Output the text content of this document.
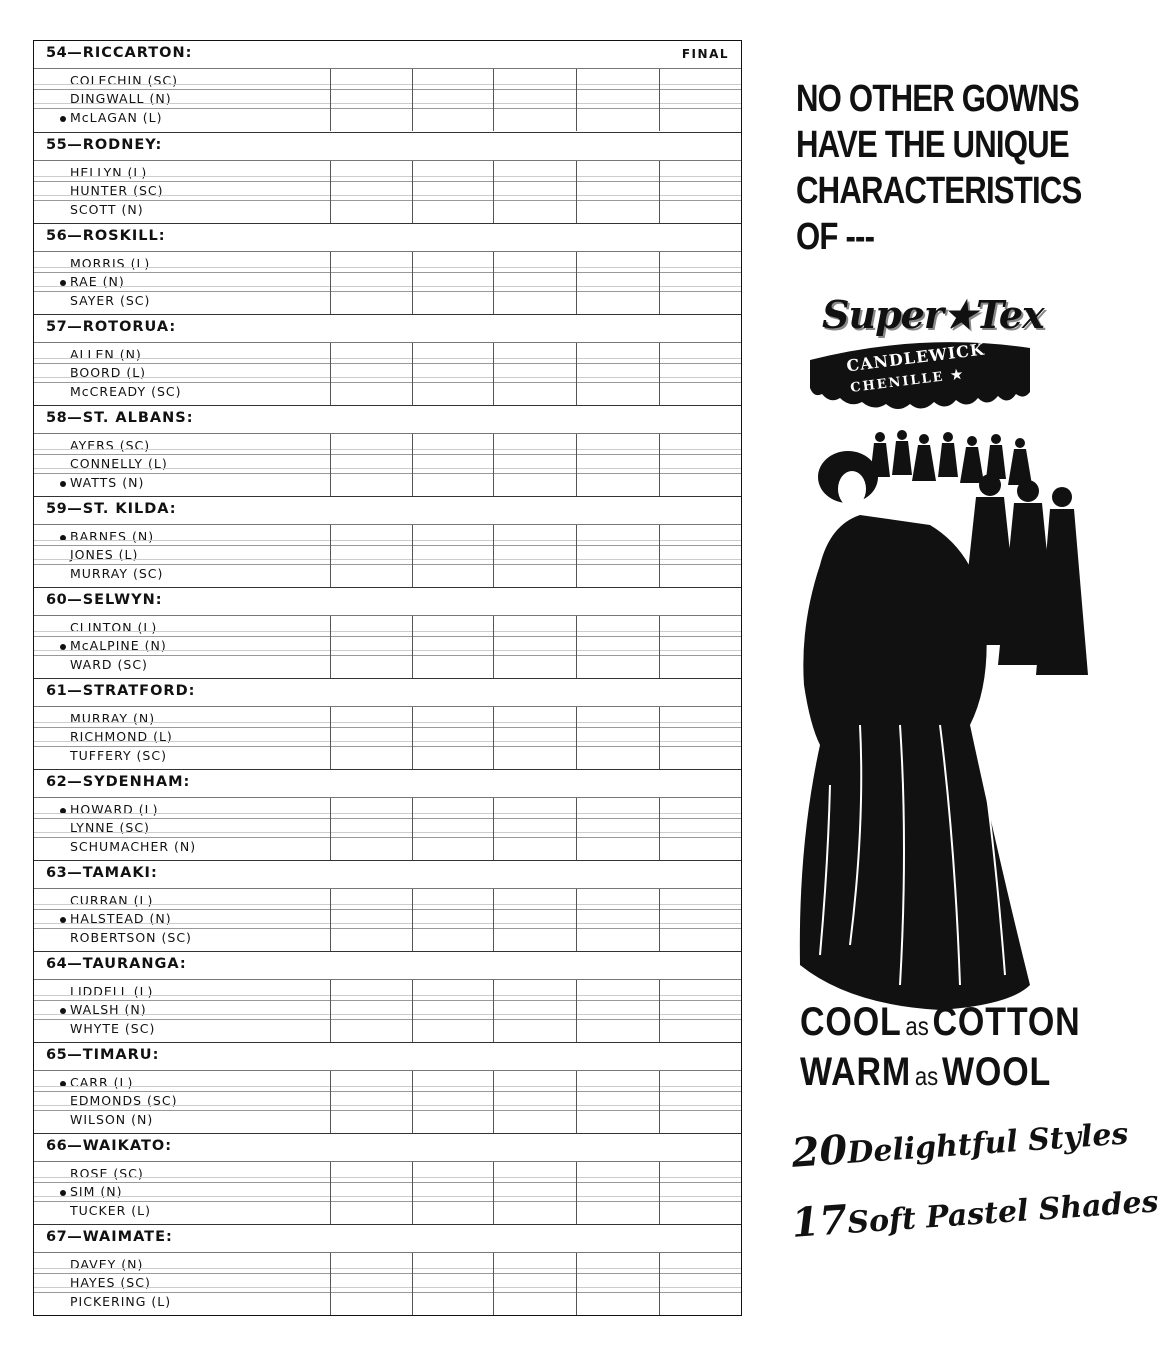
FINAL
54—RICCARTON:
COLECHIN (SC)
DINGWALL (N)
McLAGAN (L)
55—RODNEY:
HELLYN (L)
HUNTER (SC)
SCOTT (N)
56—ROSKILL:
MORRIS (L)
RAE (N)
SAYER (SC)
57—ROTORUA:
ALLEN (N)
BOORD (L)
McCREADY (SC)
58—ST. ALBANS:
AYERS (SC)
CONNELLY (L)
WATTS (N)
59—ST. KILDA:
BARNES (N)
JONES (L)
MURRAY (SC)
60—SELWYN:
CLINTON (L)
McALPINE (N)
WARD (SC)
61—STRATFORD:
MURRAY (N)
RICHMOND (L)
TUFFERY (SC)
62—SYDENHAM:
HOWARD (L)
LYNNE (SC)
SCHUMACHER (N)
63—TAMAKI:
CURRAN (L)
HALSTEAD (N)
ROBERTSON (SC)
64—TAURANGA:
LIDDELL (L)
WALSH (N)
WHYTE (SC)
65—TIMARU:
CARR (L)
EDMONDS (SC)
WILSON (N)
66—WAIKATO:
ROSE (SC)
SIM (N)
TUCKER (L)
67—WAIMATE:
DAVEY (N)
HAYES (SC)
PICKERING (L)
NO OTHER GOWNS
HAVE THE UNIQUE
CHARACTERISTICS
OF ---
Super★Tex
CANDLEWICK
CHENILLE ★
COOL as COTTON
WARM as WOOL
20Delightful Styles
17Soft Pastel Shades
